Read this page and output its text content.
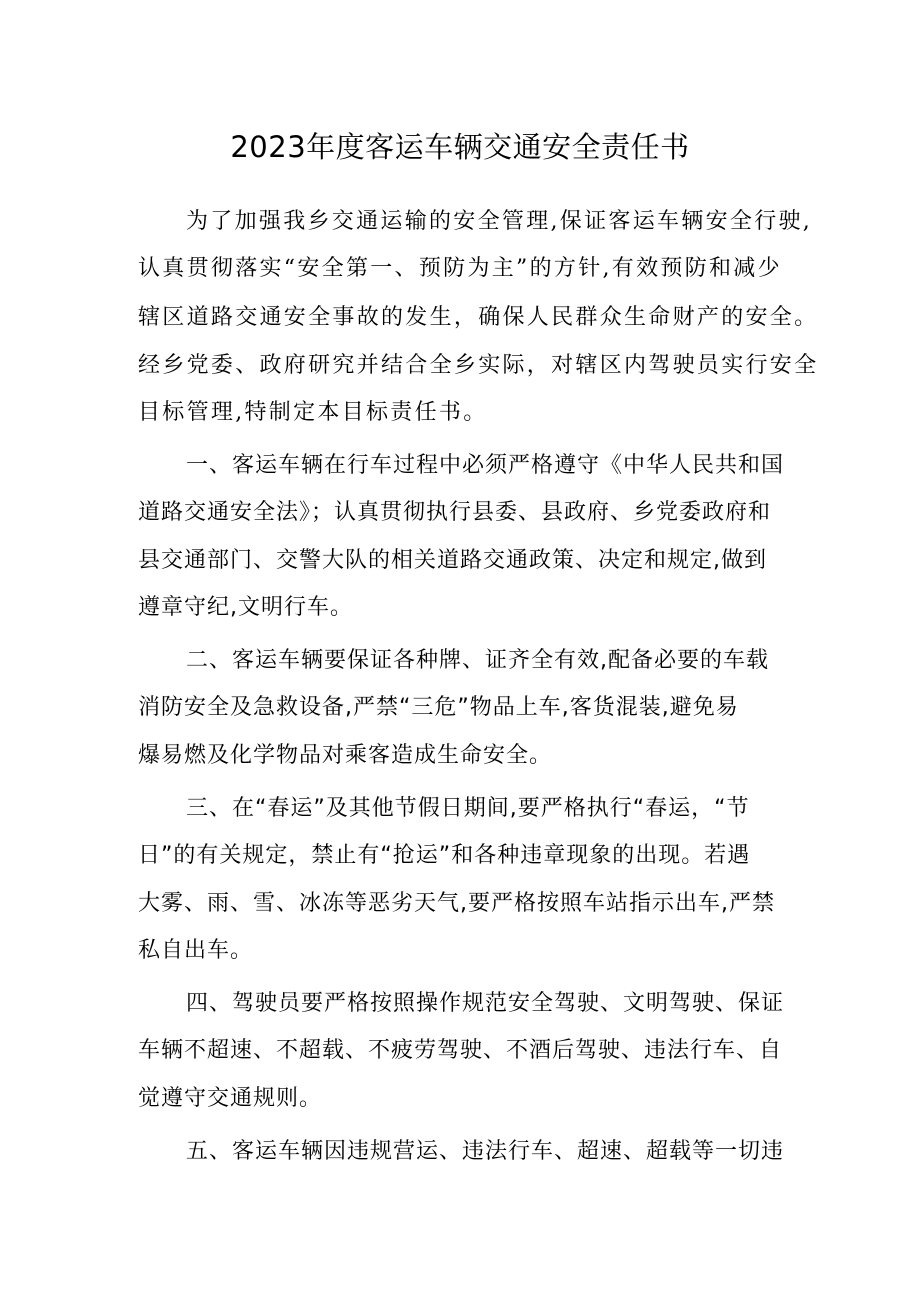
2023年度客运车辆交通安全责任书

为了加强我乡交通运输的安全管理,保证客运车辆安全行驶,

认真贯彻落实“安全第一、预防为主”的方针,有效预防和减少

辖区道路交通安全事故的发生，确保人民群众生命财产的安全。

经乡党委、政府研究并结合全乡实际，对辖区内驾驶员实行安全

目标管理,特制定本目标责任书。

一、客运车辆在行车过程中必须严格遵守《中华人民共和国

道路交通安全法》；认真贯彻执行县委、县政府、乡党委政府和

县交通部门、交警大队的相关道路交通政策、决定和规定,做到

遵章守纪,文明行车。

二、客运车辆要保证各种牌、证齐全有效,配备必要的车载

消防安全及急救设备,严禁“三危”物品上车,客货混装,避免易

爆易燃及化学物品对乘客造成生命安全。

三、在“春运”及其他节假日期间,要严格执行“春运，“节

日”的有关规定，禁止有“抢运”和各种违章现象的出现。若遇

大雾、雨、雪、冰冻等恶劣天气,要严格按照车站指示出车,严禁

私自出车。

四、驾驶员要严格按照操作规范安全驾驶、文明驾驶、保证

车辆不超速、不超载、不疲劳驾驶、不酒后驾驶、违法行车、自

觉遵守交通规则。

五、客运车辆因违规营运、违法行车、超速、超载等一切违
